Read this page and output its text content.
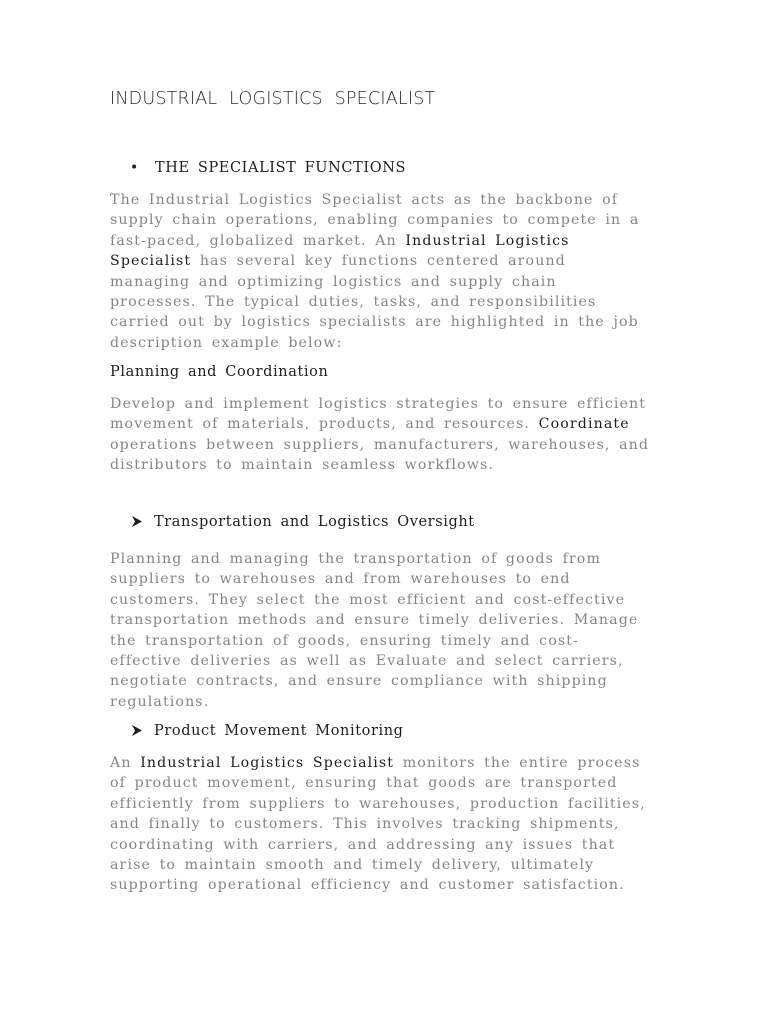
INDUSTRIAL LOGISTICS SPECIALIST
• THE SPECIALIST FUNCTIONS
The Industrial Logistics Specialist acts as the backbone of supply chain operations, enabling companies to compete in a fast-paced, globalized market. An Industrial Logistics Specialist has several key functions centered around managing and optimizing logistics and supply chain processes. The typical duties, tasks, and responsibilities carried out by logistics specialists are highlighted in the job description example below:
Planning and Coordination
Develop and implement logistics strategies to ensure efficient movement of materials, products, and resources. Coordinate operations between suppliers, manufacturers, warehouses, and distributors to maintain seamless workflows.
Transportation and Logistics Oversight
Planning and managing the transportation of goods from suppliers to warehouses and from warehouses to end customers. They select the most efficient and cost-effective transportation methods and ensure timely deliveries. Manage the transportation of goods, ensuring timely and cost-effective deliveries as well as Evaluate and select carriers, negotiate contracts, and ensure compliance with shipping regulations.
Product Movement Monitoring
An Industrial Logistics Specialist monitors the entire process of product movement, ensuring that goods are transported efficiently from suppliers to warehouses, production facilities, and finally to customers. This involves tracking shipments, coordinating with carriers, and addressing any issues that arise to maintain smooth and timely delivery, ultimately supporting operational efficiency and customer satisfaction.
